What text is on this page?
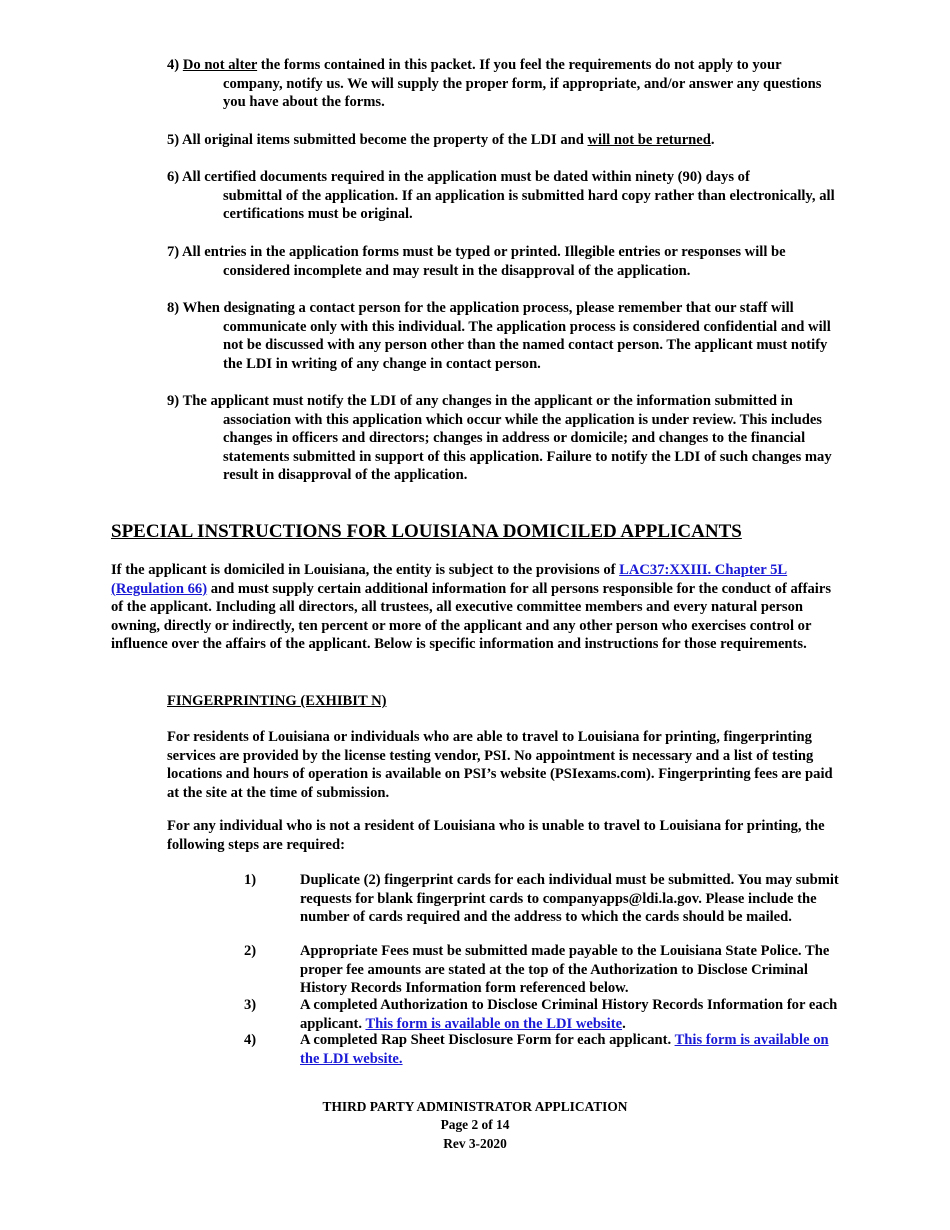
4) Do not alter the forms contained in this packet. If you feel the requirements do not apply to your
company, notify us. We will supply the proper form, if appropriate, and/or answer any questions you have about the forms.
5) All original items submitted become the property of the LDI and will not be returned.
6) All certified documents required in the application must be dated within ninety (90) days of
submittal of the application. If an application is submitted hard copy rather than electronically, all certifications must be original.
7) All entries in the application forms must be typed or printed. Illegible entries or responses will be
considered incomplete and may result in the disapproval of the application.
8) When designating a contact person for the application process, please remember that our staff will
communicate only with this individual. The application process is considered confidential and will not be discussed with any person other than the named contact person. The applicant must notify the LDI in writing of any change in contact person.
9) The applicant must notify the LDI of any changes in the applicant or the information submitted in
association with this application which occur while the application is under review. This includes changes in officers and directors; changes in address or domicile; and changes to the financial statements submitted in support of this application. Failure to notify the LDI of such changes may result in disapproval of the application.
SPECIAL INSTRUCTIONS FOR LOUISIANA DOMICILED APPLICANTS
If the applicant is domiciled in Louisiana, the entity is subject to the provisions of LAC37:XXIII. Chapter 5L (Regulation 66) and must supply certain additional information for all persons responsible for the conduct of affairs of the applicant. Including all directors, all trustees, all executive committee members and every natural person owning, directly or indirectly, ten percent or more of the applicant and any other person who exercises control or influence over the affairs of the applicant. Below is specific information and instructions for those requirements.
FINGERPRINTING (EXHIBIT N)
For residents of Louisiana or individuals who are able to travel to Louisiana for printing, fingerprinting services are provided by the license testing vendor, PSI. No appointment is necessary and a list of testing locations and hours of operation is available on PSI’s website (PSIexams.com). Fingerprinting fees are paid at the site at the time of submission.
For any individual who is not a resident of Louisiana who is unable to travel to Louisiana for printing, the following steps are required:
1)	Duplicate (2) fingerprint cards for each individual must be submitted. You may submit requests for blank fingerprint cards to companyapps@ldi.la.gov. Please include the number of cards required and the address to which the cards should be mailed.
2)	Appropriate Fees must be submitted made payable to the Louisiana State Police. The proper fee amounts are stated at the top of the Authorization to Disclose Criminal History Records Information form referenced below.
3)	A completed Authorization to Disclose Criminal History Records Information for each applicant. This form is available on the LDI website.
4)	A completed Rap Sheet Disclosure Form for each applicant. This form is available on the LDI website.
THIRD PARTY ADMINISTRATOR APPLICATION
Page 2 of 14
Rev 3-2020
